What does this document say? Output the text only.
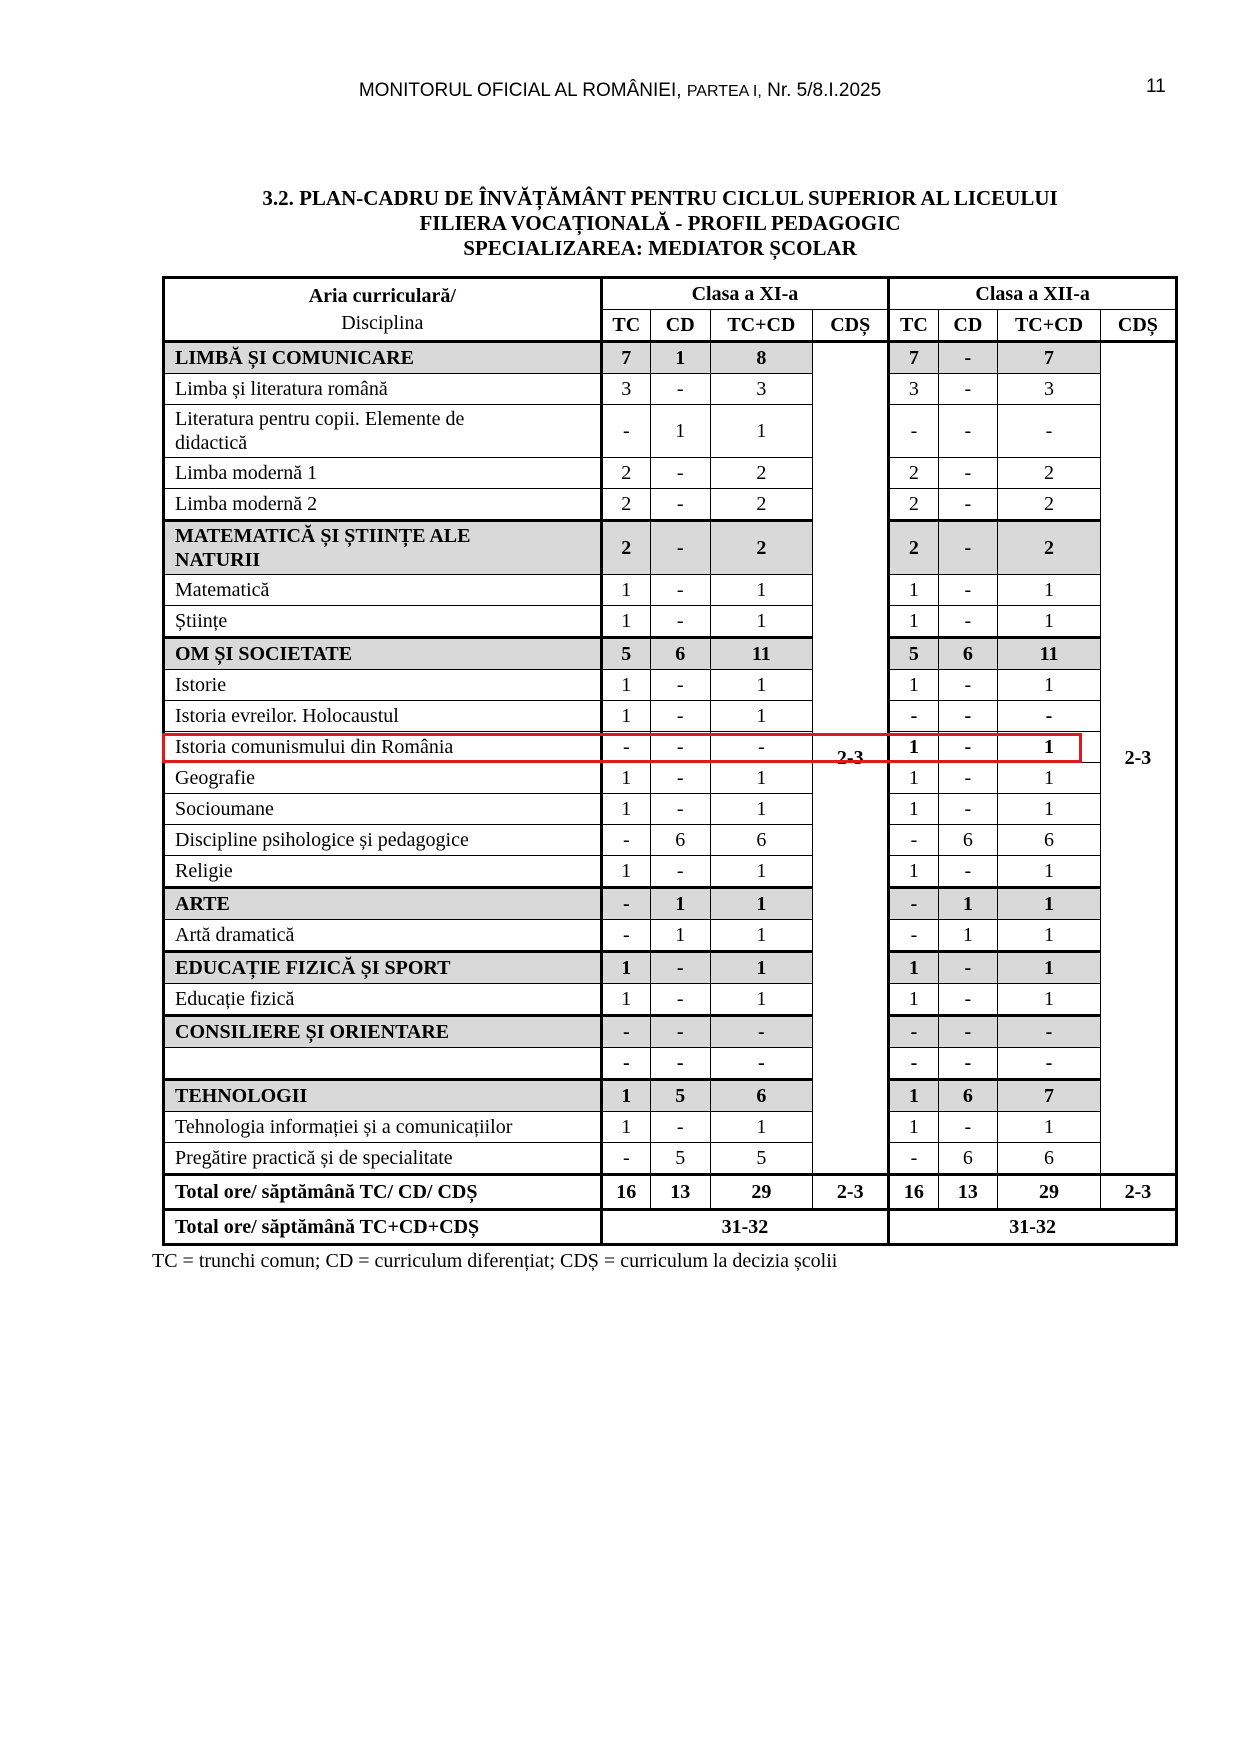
MONITORUL OFICIAL AL ROMÂNIEI, PARTEA I, Nr. 5/8.I.2025	11
3.2. PLAN-CADRU DE ÎNVĂȚĂMÂNT PENTRU CICLUL SUPERIOR AL LICEULUI
FILIERA VOCAȚIONALĂ - PROFIL PEDAGOGIC
SPECIALIZAREA: MEDIATOR ȘCOLAR
Aria curriculară/
Disciplina	Clasa a XI-a				Clasa a XII-a			
	TC	CD	TC+CD	CDȘ	TC	CD	TC+CD	CDȘ
LIMBĂ ȘI COMUNICARE	7	1	8	2-3	7	-	7	2-3
Limba și literatura română	3	-	3		3	-	3	
Literatura pentru copii. Elemente de
didactică	-	1	1		-	-	-	
Limba modernă 1	2	-	2		2	-	2	
Limba modernă 2	2	-	2		2	-	2	
MATEMATICĂ ȘI ȘTIINȚE ALE
NATURII	2	-	2		2	-	2	
Matematică	1	-	1		1	-	1	
Științe	1	-	1		1	-	1	
OM ȘI SOCIETATE	5	6	11		5	6	11	
Istorie	1	-	1		1	-	1	
Istoria evreilor. Holocaustul	1	-	1		-	-	-	
Istoria comunismului din România	-	-	-		1	-	1	
Geografie	1	-	1		1	-	1	
Socioumane	1	-	1		1	-	1	
Discipline psihologice și pedagogice	-	6	6		-	6	6	
Religie	1	-	1		1	-	1	
ARTE	-	1	1		-	1	1	
Artă dramatică	-	1	1		-	1	1	
EDUCAȚIE FIZICĂ ȘI SPORT	1	-	1		1	-	1	
Educație fizică	1	-	1		1	-	1	
CONSILIERE ȘI ORIENTARE	-	-	-		-	-	-	
	-	-	-		-	-	-	
TEHNOLOGII	1	5	6		1	6	7	
Tehnologia informației și a comunicațiilor	1	-	1		1	-	1	
Pregătire practică și de specialitate	-	5	5		-	6	6	
Total ore/ săptămână TC/ CD/ CDȘ	16	13	29	2-3	16	13	29	2-3
Total ore/ săptămână TC+CD+CDȘ	31-32				31-32			
TC = trunchi comun; CD = curriculum diferențiat; CDȘ = curriculum la decizia școlii
